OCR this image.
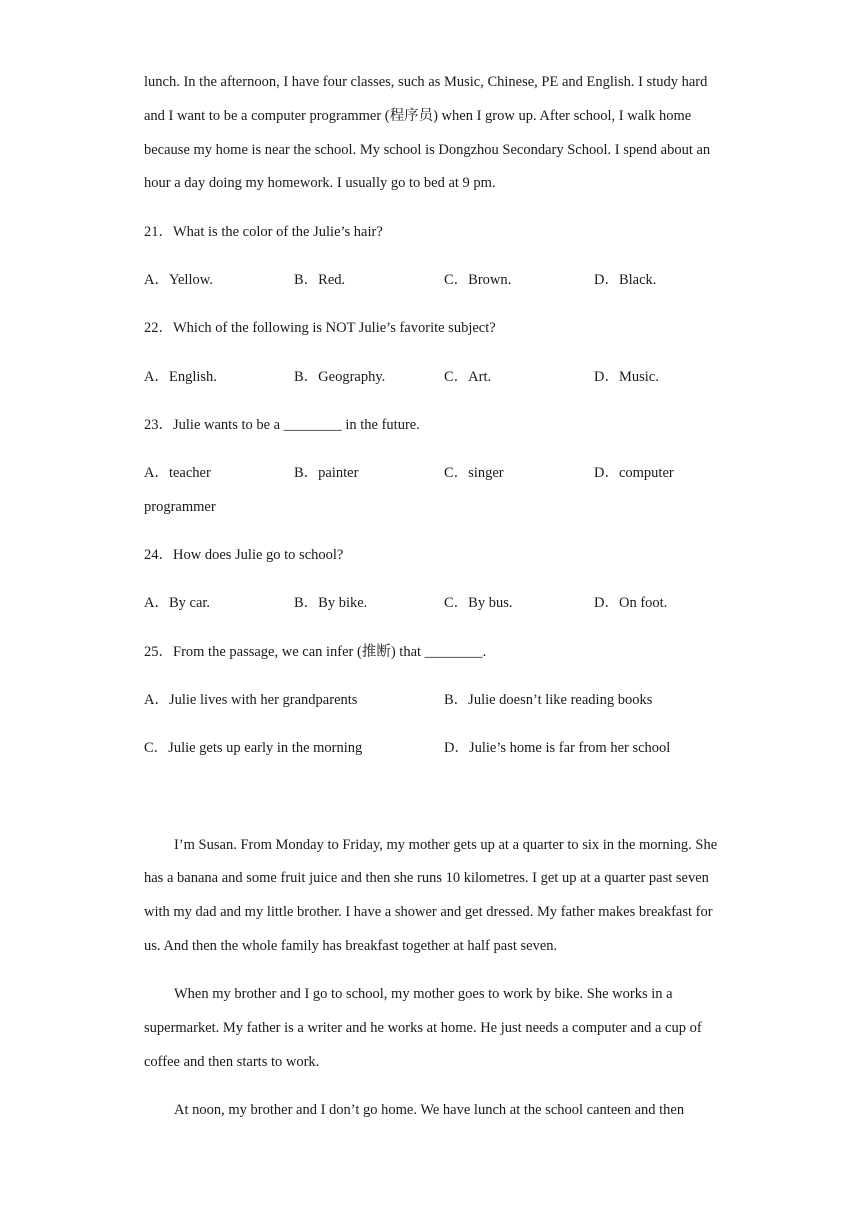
lunch. In the afternoon, I have four classes, such as Music, Chinese, PE and English. I study hard and I want to be a computer programmer (程序员) when I grow up. After school, I walk home because my home is near the school. My school is Dongzhou Secondary School. I spend about an hour a day doing my homework. I usually go to bed at 9 pm.

21．What is the color of the Julie’s hair?

A．Yellow.	B．Red.	C．Brown.	D．Black.

22．Which of the following is NOT Julie’s favorite subject?

A．English.	B．Geography.	C．Art.	D．Music.

23．Julie wants to be a ________ in the future.

A．teacher	B．painter	C．singer	D．computer
programmer

24．How does Julie go to school?

A．By car.	B．By bike.	C．By bus.	D．On foot.

25．From the passage, we can infer (推断) that ________.

A．Julie lives with her grandparents	B．Julie doesn’t like reading books
C．Julie gets up early in the morning	D．Julie’s home is far from her school

I’m Susan. From Monday to Friday, my mother gets up at a quarter to six in the morning. She has a banana and some fruit juice and then she runs 10 kilometres. I get up at a quarter past seven with my dad and my little brother. I have a shower and get dressed. My father makes breakfast for us. And then the whole family has breakfast together at half past seven.

When my brother and I go to school, my mother goes to work by bike. She works in a supermarket. My father is a writer and he works at home. He just needs a computer and a cup of coffee and then starts to work.

At noon, my brother and I don’t go home. We have lunch at the school canteen and then
